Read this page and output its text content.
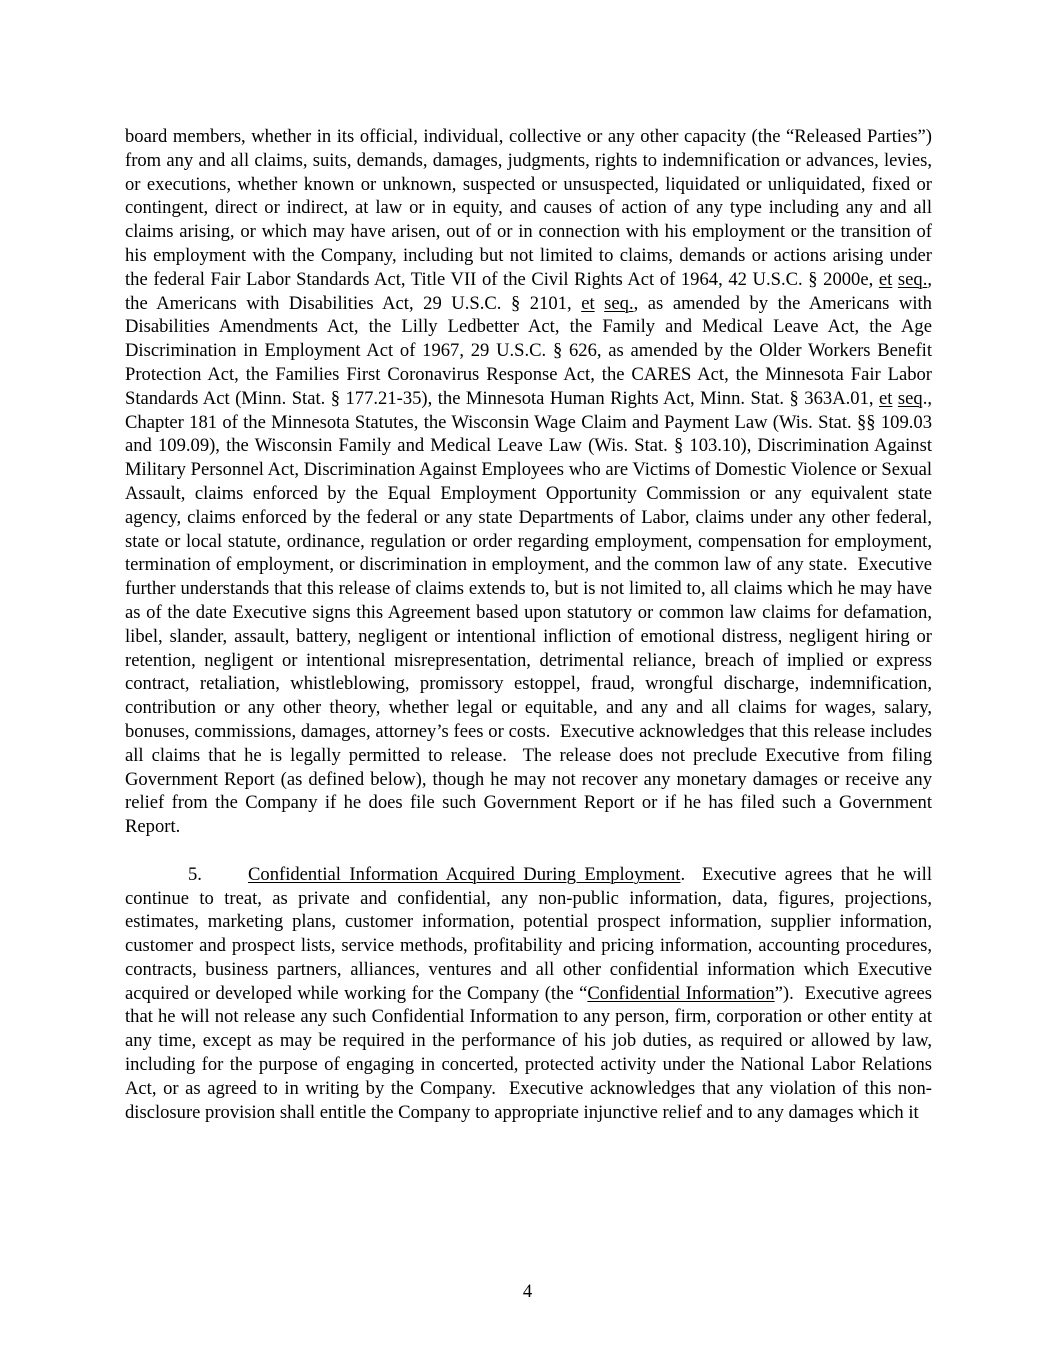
board members, whether in its official, individual, collective or any other capacity (the “Released Parties”) from any and all claims, suits, demands, damages, judgments, rights to indemnification or advances, levies, or executions, whether known or unknown, suspected or unsuspected, liquidated or unliquidated, fixed or contingent, direct or indirect, at law or in equity, and causes of action of any type including any and all claims arising, or which may have arisen, out of or in connection with his employment or the transition of his employment with the Company, including but not limited to claims, demands or actions arising under the federal Fair Labor Standards Act, Title VII of the Civil Rights Act of 1964, 42 U.S.C. § 2000e, et seq., the Americans with Disabilities Act, 29 U.S.C. § 2101, et seq., as amended by the Americans with Disabilities Amendments Act, the Lilly Ledbetter Act, the Family and Medical Leave Act, the Age Discrimination in Employment Act of 1967, 29 U.S.C. § 626, as amended by the Older Workers Benefit Protection Act, the Families First Coronavirus Response Act, the CARES Act, the Minnesota Fair Labor Standards Act (Minn. Stat. § 177.21-35), the Minnesota Human Rights Act, Minn. Stat. § 363A.01, et seq., Chapter 181 of the Minnesota Statutes, the Wisconsin Wage Claim and Payment Law (Wis. Stat. §§ 109.03 and 109.09), the Wisconsin Family and Medical Leave Law (Wis. Stat. § 103.10), Discrimination Against Military Personnel Act, Discrimination Against Employees who are Victims of Domestic Violence or Sexual Assault, claims enforced by the Equal Employment Opportunity Commission or any equivalent state agency, claims enforced by the federal or any state Departments of Labor, claims under any other federal, state or local statute, ordinance, regulation or order regarding employment, compensation for employment, termination of employment, or discrimination in employment, and the common law of any state.  Executive further understands that this release of claims extends to, but is not limited to, all claims which he may have as of the date Executive signs this Agreement based upon statutory or common law claims for defamation, libel, slander, assault, battery, negligent or intentional infliction of emotional distress, negligent hiring or retention, negligent or intentional misrepresentation, detrimental reliance, breach of implied or express contract, retaliation, whistleblowing, promissory estoppel, fraud, wrongful discharge, indemnification, contribution or any other theory, whether legal or equitable, and any and all claims for wages, salary, bonuses, commissions, damages, attorney’s fees or costs.  Executive acknowledges that this release includes all claims that he is legally permitted to release.  The release does not preclude Executive from filing Government Report (as defined below), though he may not recover any monetary damages or receive any relief from the Company if he does file such Government Report or if he has filed such a Government Report.

5. Confidential Information Acquired During Employment.  Executive agrees that he will continue to treat, as private and confidential, any non-public information, data, figures, projections, estimates, marketing plans, customer information, potential prospect information, supplier information, customer and prospect lists, service methods, profitability and pricing information, accounting procedures, contracts, business partners, alliances, ventures and all other confidential information which Executive acquired or developed while working for the Company (the “Confidential Information”).  Executive agrees that he will not release any such Confidential Information to any person, firm, corporation or other entity at any time, except as may be required in the performance of his job duties, as required or allowed by law, including for the purpose of engaging in concerted, protected activity under the National Labor Relations Act, or as agreed to in writing by the Company.  Executive acknowledges that any violation of this non-disclosure provision shall entitle the Company to appropriate injunctive relief and to any damages which it

4
